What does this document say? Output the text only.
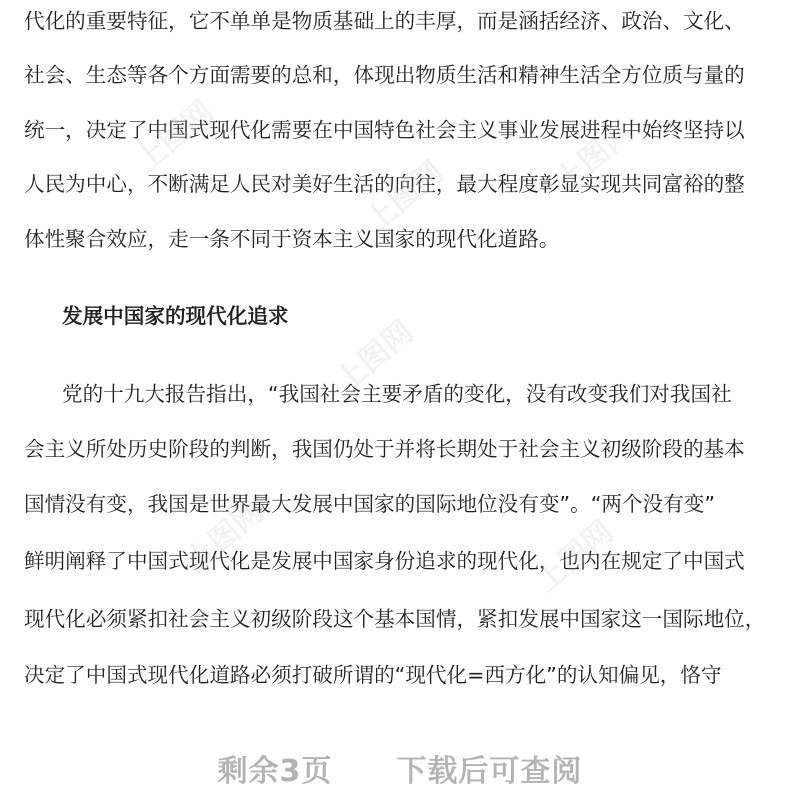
代化的重要特征，它不单单是物质基础上的丰厚，而是涵括经济、政治、文化、
社会、生态等各个方面需要的总和，体现出物质生活和精神生活全方位质与量的
统一，决定了中国式现代化需要在中国特色社会主义事业发展进程中始终坚持以
人民为中心，不断满足人民对美好生活的向往，最大程度彰显实现共同富裕的整
体性聚合效应，走一条不同于资本主义国家的现代化道路。
发展中国家的现代化追求
党的十九大报告指出，“我国社会主要矛盾的变化，没有改变我们对我国社
会主义所处历史阶段的判断，我国仍处于并将长期处于社会主义初级阶段的基本
国情没有变，我国是世界最大发展中国家的国际地位没有变”。“两个没有变”
鲜明阐释了中国式现代化是发展中国家身份追求的现代化，也内在规定了中国式
现代化必须紧扣社会主义初级阶段这个基本国情，紧扣发展中国家这一国际地位，
决定了中国式现代化道路必须打破所谓的“现代化=西方化”的认知偏见，恪守
上图网
上图网	上图网
上图网
上图网	上图网
剩余3页 下载后可查阅
